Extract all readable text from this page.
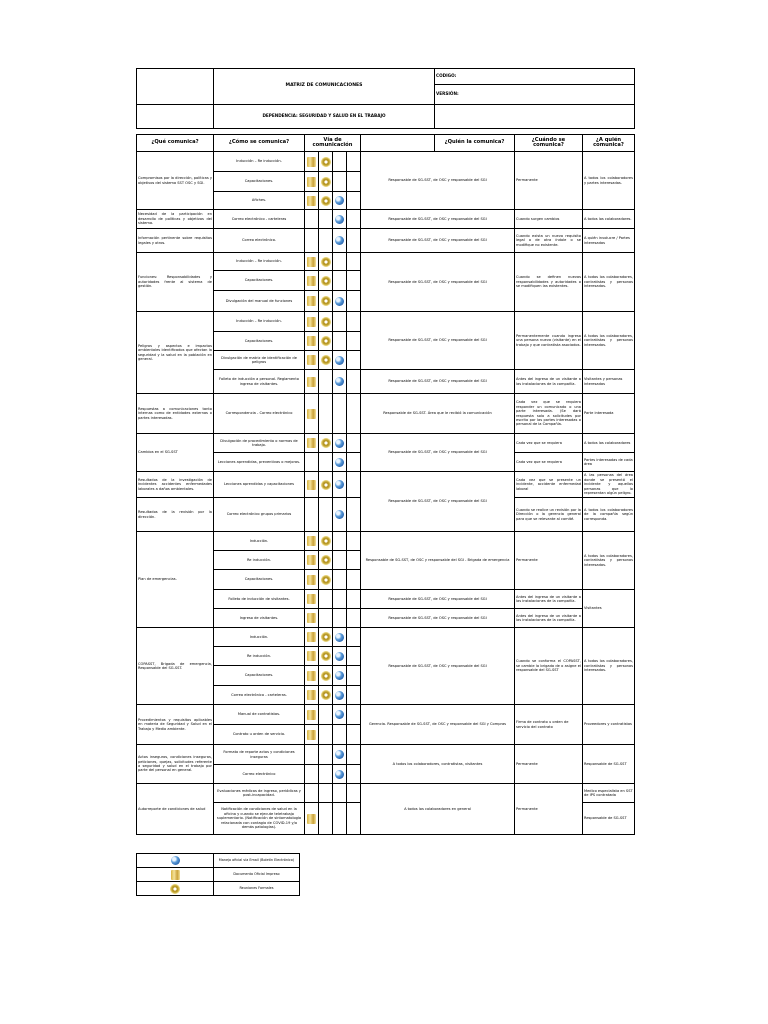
	MATRIZ DE COMUNICACIONES						CODIGO:		
							VERSIÓN:		
	DEPENDENCIA: SEGURIDAD Y SALUD EN EL TRABAJO								

¿Qué comunica?	¿Cómo se comunica?	Vía de comunicación					¿Quién la comunica?	¿Cuándo se comunica?	¿A quién comunica?
Compromisos por la dirección, políticas y objetivos del sistema SST OSC y SGI.	Inducción – Re inducción.					Responsable de SG-SST, de OSC y responsable del SGI		Permanente	A todos los colaboradores y partes interesadas.
	Capacitaciones.								
	Afiches.								
Necesidad de la participación en desarrollo de políticas y objetivos del sistema.	Correo electrónico - carteleras					Responsable de SG-SST, de OSC y responsable del SGI		Cuando surgen cambios	A todos los colaboradores.
Información pertinente sobre requisitos legales y otros.	Correo electrónico.					Responsable de SG-SST, de OSC y responsable del SGI		Cuando exista un nuevo requisito legal o de otra índole o se modifique no existente.	A quién involucre / Partes interesadas
Funciones: Responsabilidades y autoridades frente al sistema de gestión.	Inducción – Re inducción.					Responsable de SG-SST, de OSC y responsable del SGI		Cuando se definen nuevas responsabilidades y autoridades o se modifiquen las existentes.	A todos los colaboradores, contratistas y personas interesadas.
	Capacitaciones.								
	Divulgación del manual de funciones								
Peligros y aspectos e impactos ambientales identificados que afectan la seguridad y la salud en la población en general.	Inducción – Re inducción.					Responsable de SG-SST, de OSC y responsable del SGI		Permanentemente cuando ingresa una persona nueva (visitante) en el trabajo y que contratista asociados.	A todos los colaboradores, contratistas y personas interesadas.
	Capacitaciones.								
	Divulgación de matriz de identificación de peligros								
	Folleto de inducción a personal. Reglamento ingreso de visitantes.					Responsable de SG-SST, de OSC y responsable del SGI		Antes del ingreso de un visitante a las instalaciones de la compañía.	Visitantes y personas interesadas
Respuestas a comunicaciones tanto internas como de entidades externas o partes interesadas.	Correspondencia - Correo electrónico					Responsable de SG-SST. Área que le recibió la comunicación		Cada vez que se requiera responder un comunicado o una parte interesada. (Se dará respuesta solo a solicitudes por escrito por las partes interesadas o personal de la Compañía.	Parte interesada
Cambios en el SG-SST	Divulgación de procedimiento o normas de trabajo.					Responsable de SG-SST, de OSC y responsable del SGI		Cada vez que se requiera	A todos los colaboradores
	Lecciones aprendidas, preventivas o mejoras.							Cada vez que se requiera	Partes interesadas de cada área
Resultados de la investigación de incidentes accidentes enfermedades laborales a daños ambientales.	Lecciones aprendidas y capacitaciones					Responsable de SG-SST, de OSC y responsable del SGI		Cada vez que se presente un incidente, accidente enfermedad laboral	A las personas del área donde se presentó el incidente y aquellas personas que lo representan algún peligro.
Resultados de la revisión por la dirección.	Correo electrónico grupos primarios							Cuando se realice un revisión por la Dirección o la gerencia general para que se relevante al comité.	A todos los colaboradores de la compañía según corresponda.
Plan de emergencias.	Inducción.					Responsable de SG-SST, de OSC y responsable del SGI - Brigada de emergencia		Permanente	A todos los colaboradores, contratistas y personas interesadas.
	Re inducción.								
	Capacitaciones.								
	Folleto de inducción de visitantes.					Responsable de SG-SST, de OSC y responsable del SGI		Antes del ingreso de un visitante a las instalaciones de la compañía.	Visitantes
	Ingreso de visitantes.					Responsable de SG-SST, de OSC y responsable del SGI		Antes del ingreso de un visitante a las instalaciones de la compañía.	
COPASST, Brigada de emergencia, Responsable del SG-SST.	Inducción.					Responsable de SG-SST, de OSC y responsable del SGI		Cuando se conforma el COPASST, se cambie la brigada de o asigne el responsable del SG-SST	A todos los colaboradores, contratistas y personas interesadas.
	Re inducción.								
	Capacitaciones.								
	Correo electrónico - carteleras.								
Procedimientos y requisitos aplicables en materia de Seguridad y Salud en el Trabajo y Medio ambiente.	Manual de contratistas.					Gerencia. Responsable de SG-SST, de OSC y responsable del SGI y Compras		Firma de contrato u orden de servicio del contrato	Proveedores y contratistas
	Contrato u orden de servicio.								
Actos inseguros, condiciones inseguras, peticiones, quejas, solicitudes referente a seguridad y salud en el trabajo por parte del personal en general.	Formato de reporte actos y condiciones inseguras					A todos los colaboradores, contratistas, visitantes		Permanente	Responsable de SG-SST
	Correo electrónico								
Autorreporte de condiciones de salud	Evaluaciones médicas de ingreso, periódicas y post-incapacidad.					A todos los colaboradores en general		Permanente	Medico especialista en SST de IPS contratada
	Notificación de condiciones de salud en la oficina y cuando se ejecute teletrabajo suplementario. (Notificación de sintomatología relacionada con contagio de COVID-19 y/o demás patologías).								Responsable de SG-SST
	Manejo oficial vía Email (Boletín Electrónico)
	Documento Oficial Impreso
	Reuniones Formales
